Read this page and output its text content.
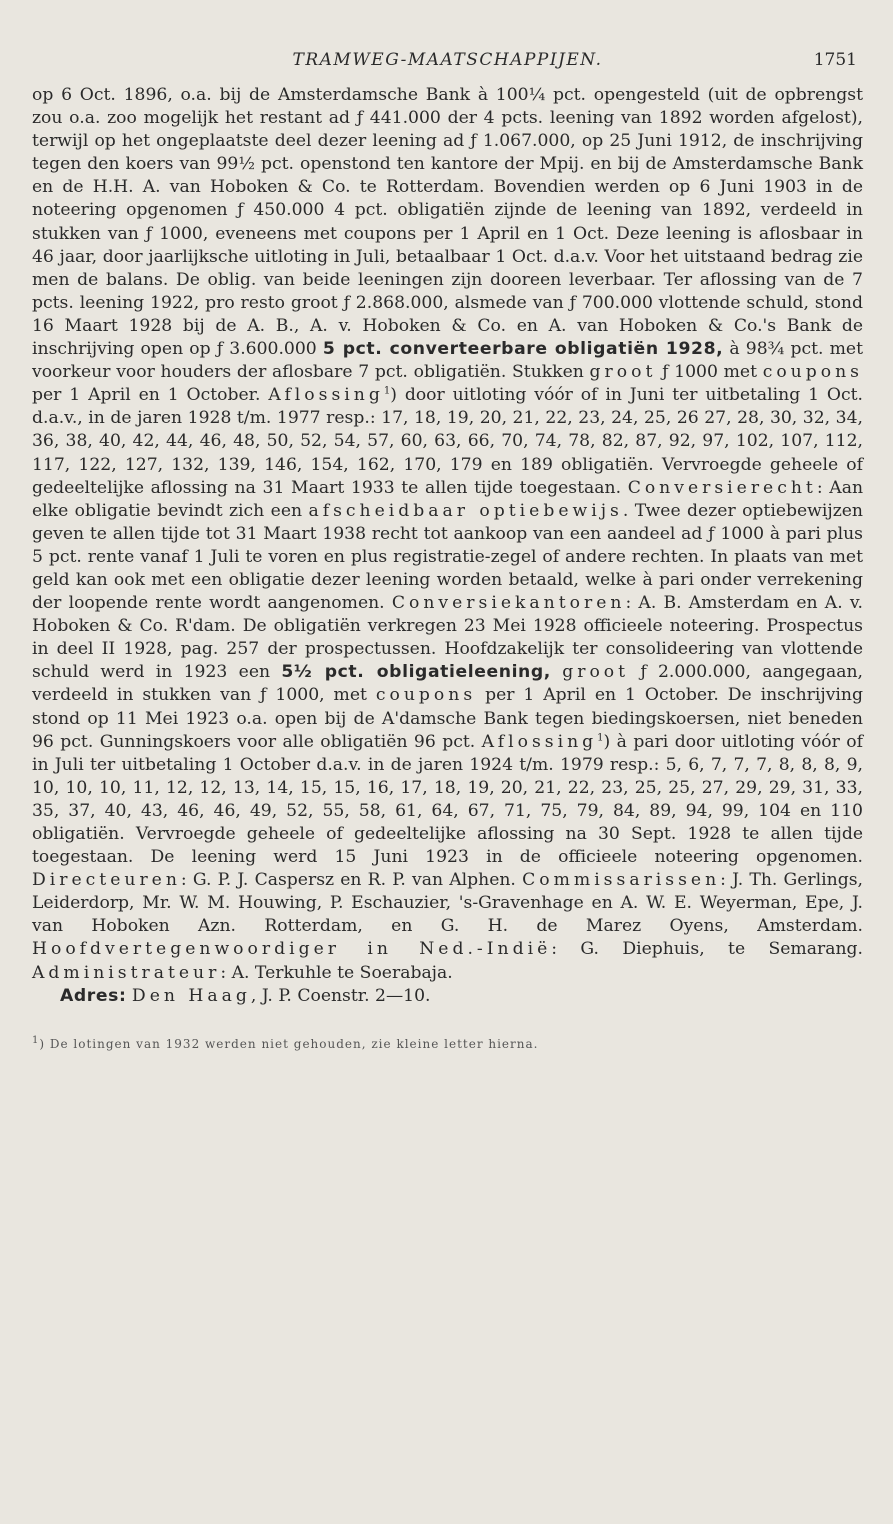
TRAMWEG-MAATSCHAPPIJEN.	1751

op 6 Oct. 1896, o.a. bij de Amsterdamsche Bank à 100¼ pct. opengesteld (uit de opbrengst zou o.a. zoo mogelijk het restant ad ƒ 441.000 der 4 pcts. leening van 1892 worden afgelost), terwijl op het ongeplaatste deel dezer leening ad ƒ 1.067.000, op 25 Juni 1912, de inschrijving tegen den koers van 99½ pct. openstond ten kantore der Mpij. en bij de Amsterdamsche Bank en de H.H. A. van Hoboken & Co. te Rotterdam. Bovendien werden op 6 Juni 1903 in de noteering opgenomen ƒ 450.000 4 pct. obligatiën zijnde de leening van 1892, verdeeld in stukken van ƒ 1000, eveneens met coupons per 1 April en 1 Oct. Deze leening is aflosbaar in 46 jaar, door jaarlijksche uitloting in Juli, betaalbaar 1 Oct. d.a.v. Voor het uitstaand bedrag zie men de balans. De oblig. van beide leeningen zijn dooreen leverbaar. Ter aflossing van de 7 pcts. leening 1922, pro resto groot ƒ 2.868.000, alsmede van ƒ 700.000 vlottende schuld, stond 16 Maart 1928 bij de A. B., A. v. Hoboken & Co. en A. van Hoboken & Co.'s Bank de inschrijving open op ƒ 3.600.000 5 pct. converteerbare obligatiën 1928, à 98¾ pct. met voorkeur voor houders der aflosbare 7 pct. obligatiën. Stukken groot ƒ 1000 met coupons per 1 April en 1 October. Aflossing$^1$) door uitloting vóór of in Juni ter uitbetaling 1 Oct. d.a.v., in de jaren 1928 t/m. 1977 resp.: 17, 18, 19, 20, 21, 22, 23, 24, 25, 26 27, 28, 30, 32, 34, 36, 38, 40, 42, 44, 46, 48, 50, 52, 54, 57, 60, 63, 66, 70, 74, 78, 82, 87, 92, 97, 102, 107, 112, 117, 122, 127, 132, 139, 146, 154, 162, 170, 179 en 189 obligatiën. Vervroegde geheele of gedeeltelijke aflossing na 31 Maart 1933 te allen tijde toegestaan. Conversierecht: Aan elke obligatie bevindt zich een afscheidbaar optiebewijs. Twee dezer optiebewijzen geven te allen tijde tot 31 Maart 1938 recht tot aankoop van een aandeel ad ƒ 1000 à pari plus 5 pct. rente vanaf 1 Juli te voren en plus registratie-zegel of andere rechten. In plaats van met geld kan ook met een obligatie dezer leening worden betaald, welke à pari onder verrekening der loopende rente wordt aangenomen. Conversiekantoren: A. B. Amsterdam en A. v. Hoboken & Co. R'dam. De obligatiën verkregen 23 Mei 1928 officieele noteering. Prospectus in deel II 1928, pag. 257 der prospectussen. Hoofdzakelijk ter consolideering van vlottende schuld werd in 1923 een 5½ pct. obligatieleening, groot ƒ 2.000.000, aangegaan, verdeeld in stukken van ƒ 1000, met coupons per 1 April en 1 October. De inschrijving stond op 11 Mei 1923 o.a. open bij de A'damsche Bank tegen biedingskoersen, niet beneden 96 pct. Gunningskoers voor alle obligatiën 96 pct. Aflossing$^1$) à pari door uitloting vóór of in Juli ter uitbetaling 1 October d.a.v. in de jaren 1924 t/m. 1979 resp.: 5, 6, 7, 7, 7, 8, 8, 8, 9, 10, 10, 10, 11, 12, 12, 13, 14, 15, 15, 16, 17, 18, 19, 20, 21, 22, 23, 25, 25, 27, 29, 29, 31, 33, 35, 37, 40, 43, 46, 46, 49, 52, 55, 58, 61, 64, 67, 71, 75, 79, 84, 89, 94, 99, 104 en 110 obligatiën. Vervroegde geheele of gedeeltelijke aflossing na 30 Sept. 1928 te allen tijde toegestaan. De leening werd 15 Juni 1923 in de officieele noteering opgenomen. Directeuren: G. P. J. Caspersz en R. P. van Alphen. Commissarissen: J. Th. Gerlings, Leiderdorp, Mr. W. M. Houwing, P. Eschauzier, 's-Gravenhage en A. W. E. Weyerman, Epe, J. van Hoboken Azn. Rotterdam, en G. H. de Marez Oyens, Amsterdam. Hoofdvertegenwoordiger in Ned.-Indië: G. Diephuis, te Semarang. Administrateur: A. Terkuhle te Soerabaja.

Adres: Den Haag, J. P. Coenstr. 2—10.

$^1$) De lotingen van 1932 werden niet gehouden, zie kleine letter hierna.
